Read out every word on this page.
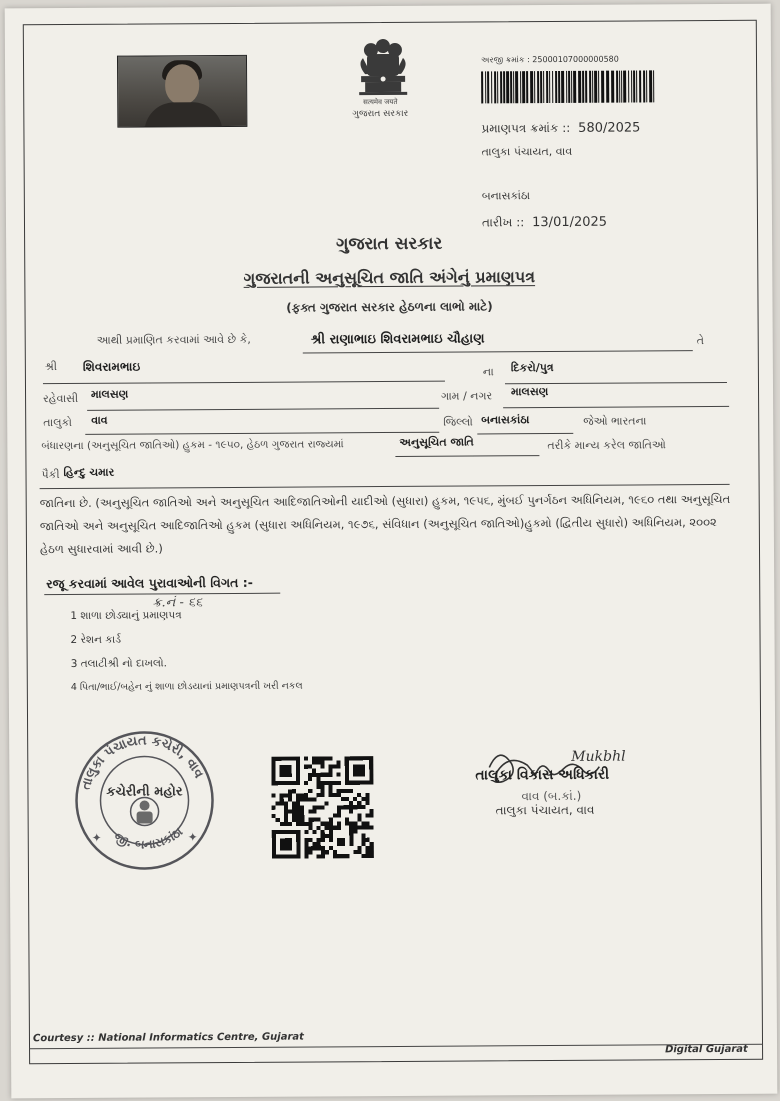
सत्यमेव जयते
ગુજરાત સરકાર
અરજી ક્રમાંક : 25000107000000580
પ્રમાણપત્ર ક્રમાંક :: 580/2025
તાલુકા પંચાયત, વાવ
બનાસકાંઠા
તારીખ :: 13/01/2025
ગુજરાત સરકાર
ગુજરાતની અનુસૂચિત જાતિ અંગેનું પ્રમાણપત્ર
(ફક્ત ગુજરાત સરકાર હેઠળના લાભો માટે)
આથી પ્રમાણિત કરવામાં આવે છે કે,	શ્રી રાણાભાઇ શિવરામભાઇ ચૌહાણ	તે
શ્રી શિવરામભાઇ	ના દિકરો/પુત્ર
રહેવાસી માલસણ	ગામ / નગર માલસણ
તાલુકો વાવ	જિલ્લો બનાસકાંઠા	જેઓ ભારતના
બંધારણના (અનુસૂચિત જાતિઓ) હુકમ - ૧૯૫૦, હેઠળ ગુજરાત રાજ્યમાં	અનુસૂચિત જાતિ	તરીકે માન્ય કરેલ જાતિઓ
પૈકી હિન્દુ ચમાર
જાતિના છે. (અનુસૂચિત જાતિઓ અને અનુસૂચિત આદિજાતિઓની યાદીઓ (સુધારા) હુકમ, ૧૯૫૬, મુંબઈ પુનર્ગઠન અધિનિયમ, ૧૯૬૦ તથા અનુસૂચિત જાતિઓ અને અનુસૂચિત આદિજાતિઓ હુકમ (સુધારા અધિનિયમ, ૧૯૭૬, સંવિધાન (અનુસૂચિત જાતિઓ)હુકમો (દ્વિતીય સુધારો) અધિનિયમ, ૨૦૦૨ હેઠળ સુધારવામાં આવી છે.)
રજૂ કરવામાં આવેલ પુરાવાઓની વિગત :-
ક્ર.નં - ૬૬
1 શાળા છોડ્યાનું પ્રમાણપત્ર
2 રેશન કાર્ડ
3 તલાટીશ્રી નો દાખલો.
4 પિતા/ભાઈ/બહેન નું શાળા છોડયાનાં પ્રમાણપત્રની ખરી નકલ
તાલુકા પંચાયત કચેરી, વાવ
જી. બનાસકાંઠા
કચેરીની મહોર
✦	✦
Mukbhl
તાલુકા વિકાસ અધિકારી
વાવ (બ.કાં.)
તાલુકા પંચાયત, વાવ
Courtesy :: National Informatics Centre, Gujarat
Digital Gujarat
